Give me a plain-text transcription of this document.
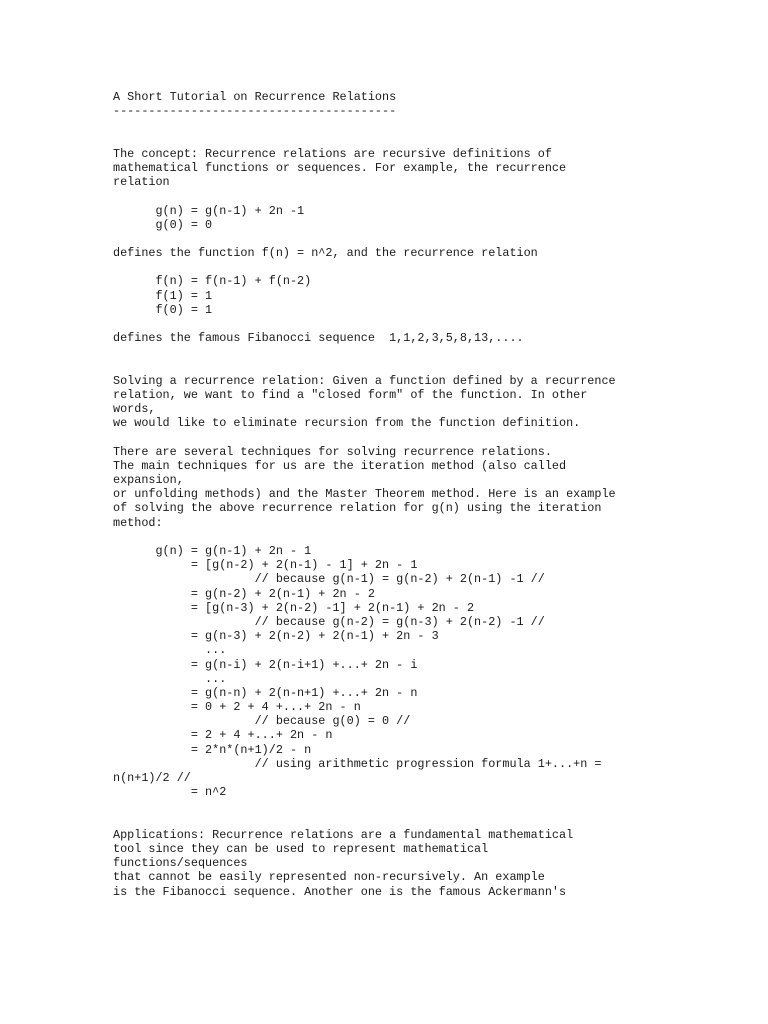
A Short Tutorial on Recurrence Relations
----------------------------------------
The concept: Recurrence relations are recursive definitions of
mathematical functions or sequences. For example, the recurrence
relation
g(n) = g(n-1) + 2n -1
g(0) = 0
defines the function f(n) = n^2, and the recurrence relation
f(n) = f(n-1) + f(n-2)
f(1) = 1
f(0) = 1
defines the famous Fibanocci sequence  1,1,2,3,5,8,13,....
Solving a recurrence relation: Given a function defined by a recurrence
relation, we want to find a "closed form" of the function. In other
words,
we would like to eliminate recursion from the function definition.
There are several techniques for solving recurrence relations.
The main techniques for us are the iteration method (also called
expansion,
or unfolding methods) and the Master Theorem method. Here is an example
of solving the above recurrence relation for g(n) using the iteration
method:
g(n) = g(n-1) + 2n - 1
= [g(n-2) + 2(n-1) - 1] + 2n - 1
// because g(n-1) = g(n-2) + 2(n-1) -1 //
= g(n-2) + 2(n-1) + 2n - 2
= [g(n-3) + 2(n-2) -1] + 2(n-1) + 2n - 2
// because g(n-2) = g(n-3) + 2(n-2) -1 //
= g(n-3) + 2(n-2) + 2(n-1) + 2n - 3
...
= g(n-i) + 2(n-i+1) +...+ 2n - i
...
= g(n-n) + 2(n-n+1) +...+ 2n - n
= 0 + 2 + 4 +...+ 2n - n
// because g(0) = 0 //
= 2 + 4 +...+ 2n - n
= 2*n*(n+1)/2 - n
// using arithmetic progression formula 1+...+n =
n(n+1)/2 //
= n^2
Applications: Recurrence relations are a fundamental mathematical
tool since they can be used to represent mathematical
functions/sequences
that cannot be easily represented non-recursively. An example
is the Fibanocci sequence. Another one is the famous Ackermann's
